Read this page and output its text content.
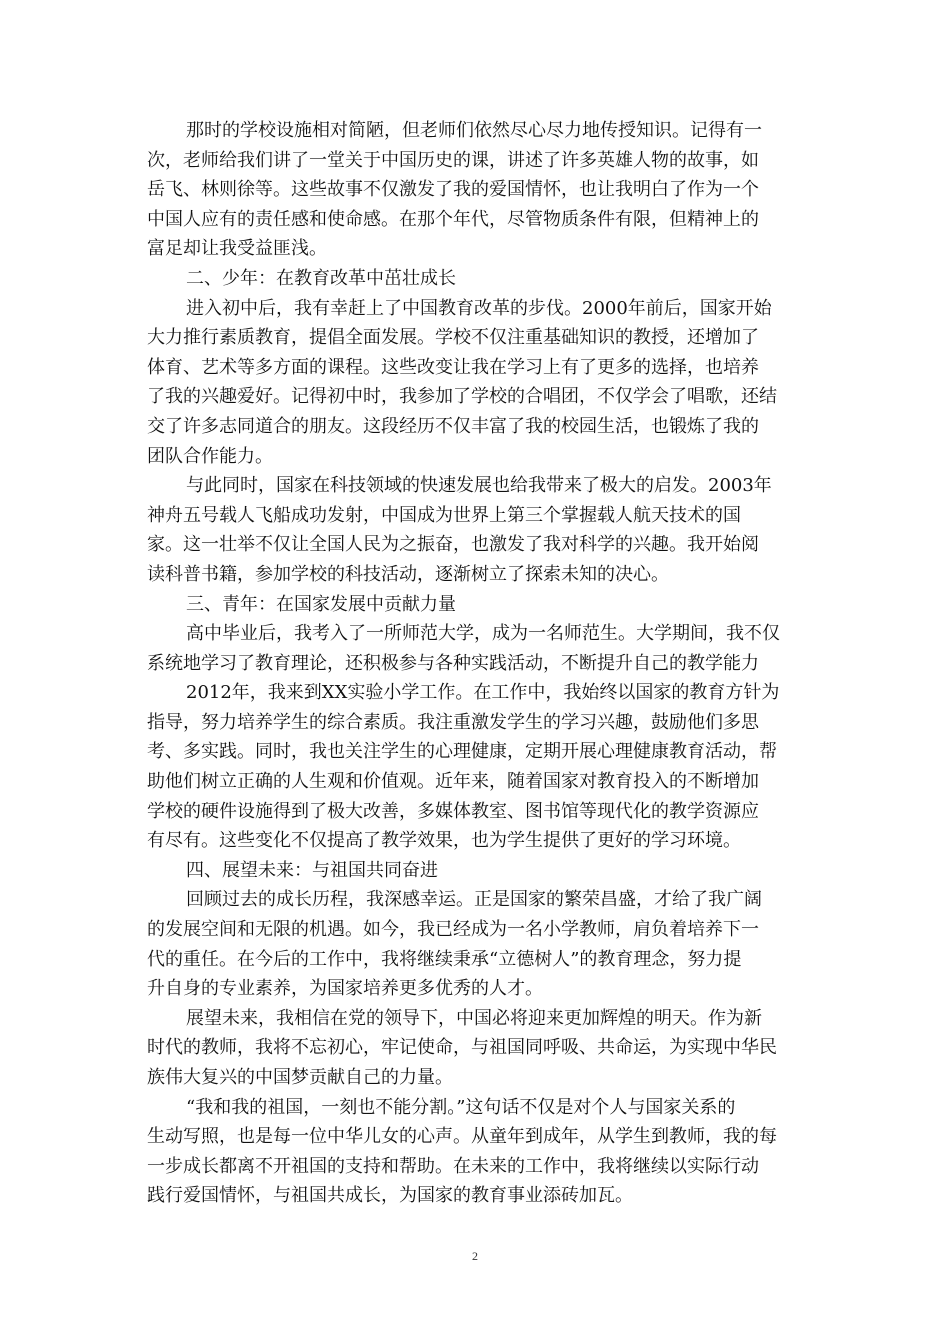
那时的学校设施相对简陋，但老师们依然尽心尽力地传授知识。记得有一
次，老师给我们讲了一堂关于中国历史的课，讲述了许多英雄人物的故事，如
岳飞、林则徐等。这些故事不仅激发了我的爱国情怀，也让我明白了作为一个
中国人应有的责任感和使命感。在那个年代，尽管物质条件有限，但精神上的
富足却让我受益匪浅。
二、少年：在教育改革中茁壮成长
进入初中后，我有幸赶上了中国教育改革的步伐。2000年前后，国家开始
大力推行素质教育，提倡全面发展。学校不仅注重基础知识的教授，还增加了
体育、艺术等多方面的课程。这些改变让我在学习上有了更多的选择，也培养
了我的兴趣爱好。记得初中时，我参加了学校的合唱团，不仅学会了唱歌，还结
交了许多志同道合的朋友。这段经历不仅丰富了我的校园生活，也锻炼了我的
团队合作能力。
与此同时，国家在科技领域的快速发展也给我带来了极大的启发。2003年
神舟五号载人飞船成功发射，中国成为世界上第三个掌握载人航天技术的国
家。这一壮举不仅让全国人民为之振奋，也激发了我对科学的兴趣。我开始阅
读科普书籍，参加学校的科技活动，逐渐树立了探索未知的决心。
三、青年：在国家发展中贡献力量
高中毕业后，我考入了一所师范大学，成为一名师范生。大学期间，我不仅
系统地学习了教育理论，还积极参与各种实践活动，不断提升自己的教学能力
2012年，我来到XX实验小学工作。在工作中，我始终以国家的教育方针为
指导，努力培养学生的综合素质。我注重激发学生的学习兴趣，鼓励他们多思
考、多实践。同时，我也关注学生的心理健康，定期开展心理健康教育活动，帮
助他们树立正确的人生观和价值观。近年来，随着国家对教育投入的不断增加
学校的硬件设施得到了极大改善，多媒体教室、图书馆等现代化的教学资源应
有尽有。这些变化不仅提高了教学效果，也为学生提供了更好的学习环境。
四、展望未来：与祖国共同奋进
回顾过去的成长历程，我深感幸运。正是国家的繁荣昌盛，才给了我广阔
的发展空间和无限的机遇。如今，我已经成为一名小学教师，肩负着培养下一
代的重任。在今后的工作中，我将继续秉承“立德树人”的教育理念，努力提
升自身的专业素养，为国家培养更多优秀的人才。
展望未来，我相信在党的领导下，中国必将迎来更加辉煌的明天。作为新
时代的教师，我将不忘初心，牢记使命，与祖国同呼吸、共命运，为实现中华民
族伟大复兴的中国梦贡献自己的力量。
“我和我的祖国，一刻也不能分割。”这句话不仅是对个人与国家关系的
生动写照，也是每一位中华儿女的心声。从童年到成年，从学生到教师，我的每
一步成长都离不开祖国的支持和帮助。在未来的工作中，我将继续以实际行动
践行爱国情怀，与祖国共成长，为国家的教育事业添砖加瓦。
2
